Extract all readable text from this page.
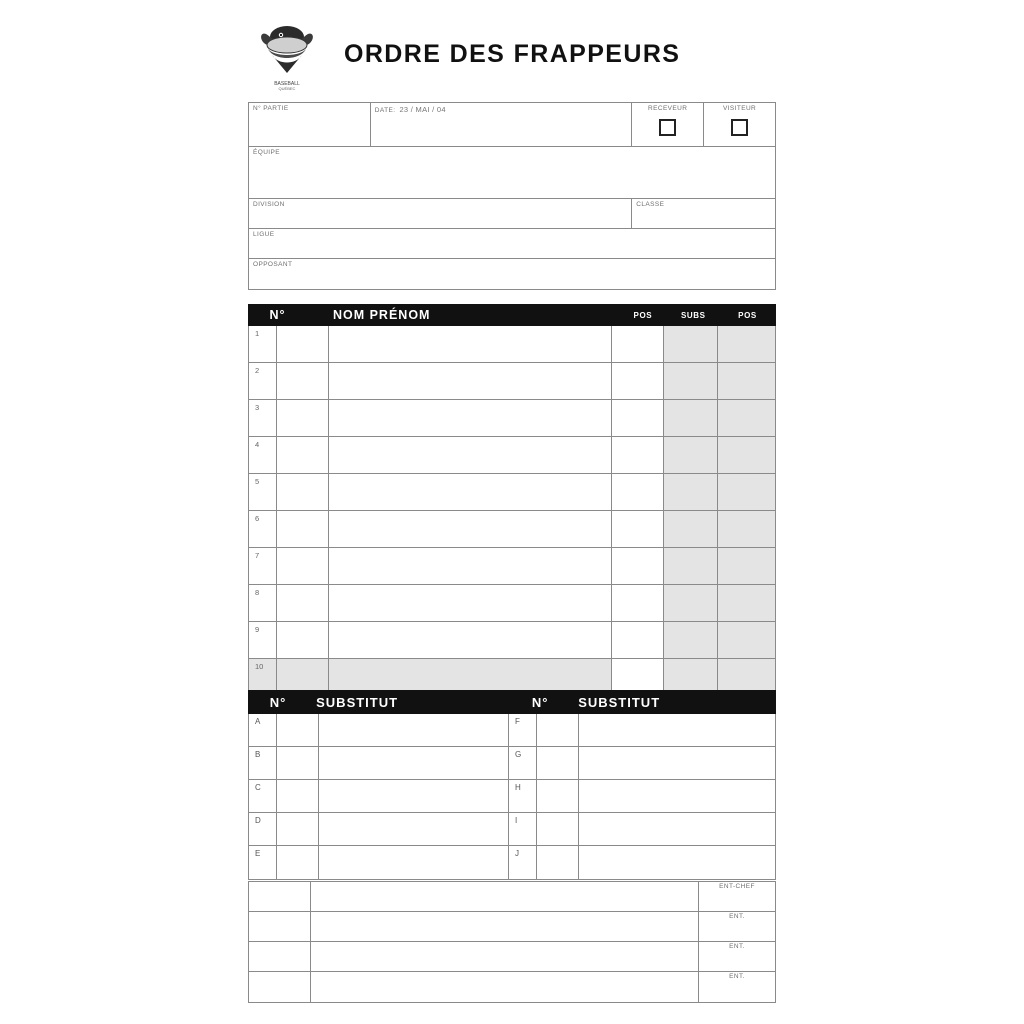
BASEBALL
QUÉBEC
ORDRE DES FRAPPEURS
N° PARTIE	DATE: 23 / MAI / 04	RECEVEUR	VISITEUR
ÉQUIPE
DIVISION	CLASSE
LIGUE
OPPOSANT
N°	NOM PRÉNOM	POS	SUBS	POS
1
2
3
4
5
6
7
8
9
10
N°	SUBSTITUT	N°	SUBSTITUT
A	F
B	G
C	H
D	I
E	J
ENT-CHEF
ENT.
ENT.
ENT.
